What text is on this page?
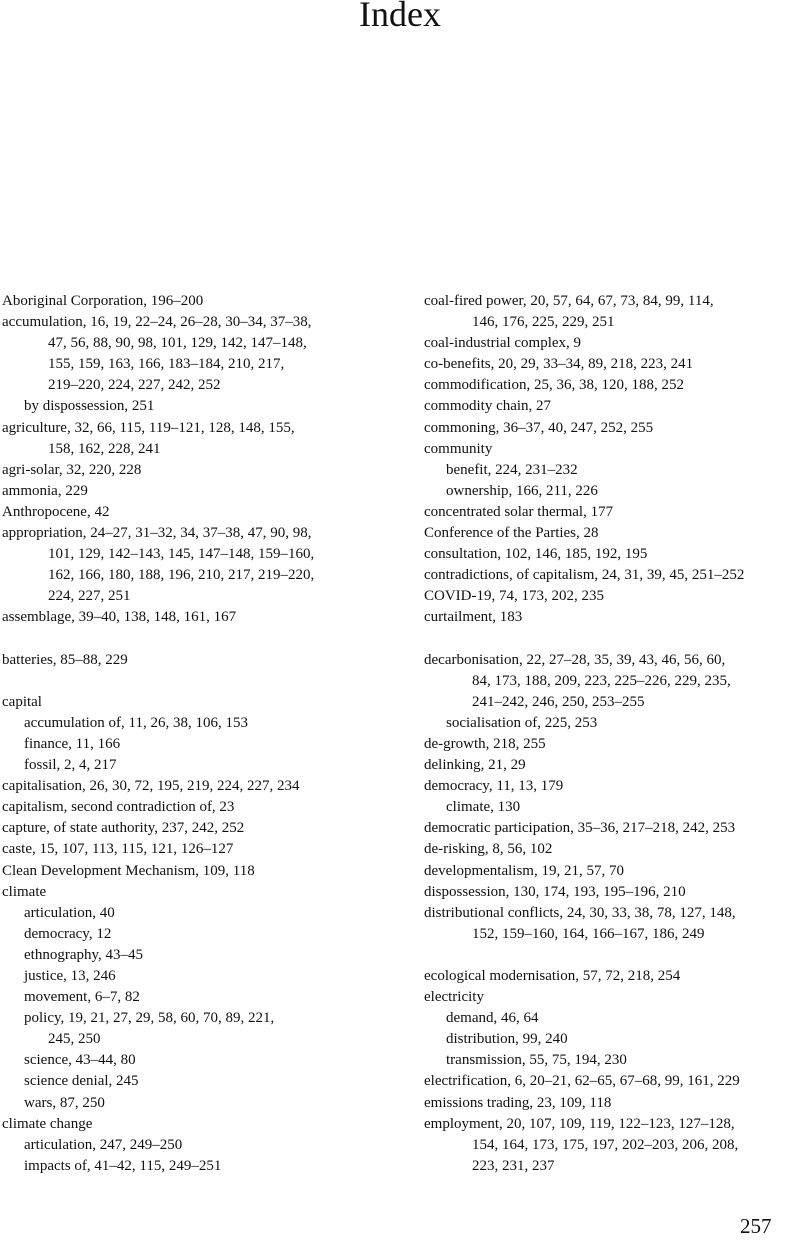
Index
Aboriginal Corporation, 196–200
accumulation, 16, 19, 22–24, 26–28, 30–34, 37–38,
47, 56, 88, 90, 98, 101, 129, 142, 147–148,
155, 159, 163, 166, 183–184, 210, 217,
219–220, 224, 227, 242, 252
by dispossession, 251
agriculture, 32, 66, 115, 119–121, 128, 148, 155,
158, 162, 228, 241
agri-solar, 32, 220, 228
ammonia, 229
Anthropocene, 42
appropriation, 24–27, 31–32, 34, 37–38, 47, 90, 98,
101, 129, 142–143, 145, 147–148, 159–160,
162, 166, 180, 188, 196, 210, 217, 219–220,
224, 227, 251
assemblage, 39–40, 138, 148, 161, 167
batteries, 85–88, 229
capital
accumulation of, 11, 26, 38, 106, 153
finance, 11, 166
fossil, 2, 4, 217
capitalisation, 26, 30, 72, 195, 219, 224, 227, 234
capitalism, second contradiction of, 23
capture, of state authority, 237, 242, 252
caste, 15, 107, 113, 115, 121, 126–127
Clean Development Mechanism, 109, 118
climate
articulation, 40
democracy, 12
ethnography, 43–45
justice, 13, 246
movement, 6–7, 82
policy, 19, 21, 27, 29, 58, 60, 70, 89, 221,
245, 250
science, 43–44, 80
science denial, 245
wars, 87, 250
climate change
articulation, 247, 249–250
impacts of, 41–42, 115, 249–251
coal-fired power, 20, 57, 64, 67, 73, 84, 99, 114,
146, 176, 225, 229, 251
coal-industrial complex, 9
co-benefits, 20, 29, 33–34, 89, 218, 223, 241
commodification, 25, 36, 38, 120, 188, 252
commodity chain, 27
commoning, 36–37, 40, 247, 252, 255
community
benefit, 224, 231–232
ownership, 166, 211, 226
concentrated solar thermal, 177
Conference of the Parties, 28
consultation, 102, 146, 185, 192, 195
contradictions, of capitalism, 24, 31, 39, 45, 251–252
COVID-19, 74, 173, 202, 235
curtailment, 183
decarbonisation, 22, 27–28, 35, 39, 43, 46, 56, 60,
84, 173, 188, 209, 223, 225–226, 229, 235,
241–242, 246, 250, 253–255
socialisation of, 225, 253
de-growth, 218, 255
delinking, 21, 29
democracy, 11, 13, 179
climate, 130
democratic participation, 35–36, 217–218, 242, 253
de-risking, 8, 56, 102
developmentalism, 19, 21, 57, 70
dispossession, 130, 174, 193, 195–196, 210
distributional conflicts, 24, 30, 33, 38, 78, 127, 148,
152, 159–160, 164, 166–167, 186, 249
ecological modernisation, 57, 72, 218, 254
electricity
demand, 46, 64
distribution, 99, 240
transmission, 55, 75, 194, 230
electrification, 6, 20–21, 62–65, 67–68, 99, 161, 229
emissions trading, 23, 109, 118
employment, 20, 107, 109, 119, 122–123, 127–128,
154, 164, 173, 175, 197, 202–203, 206, 208,
223, 231, 237
257
